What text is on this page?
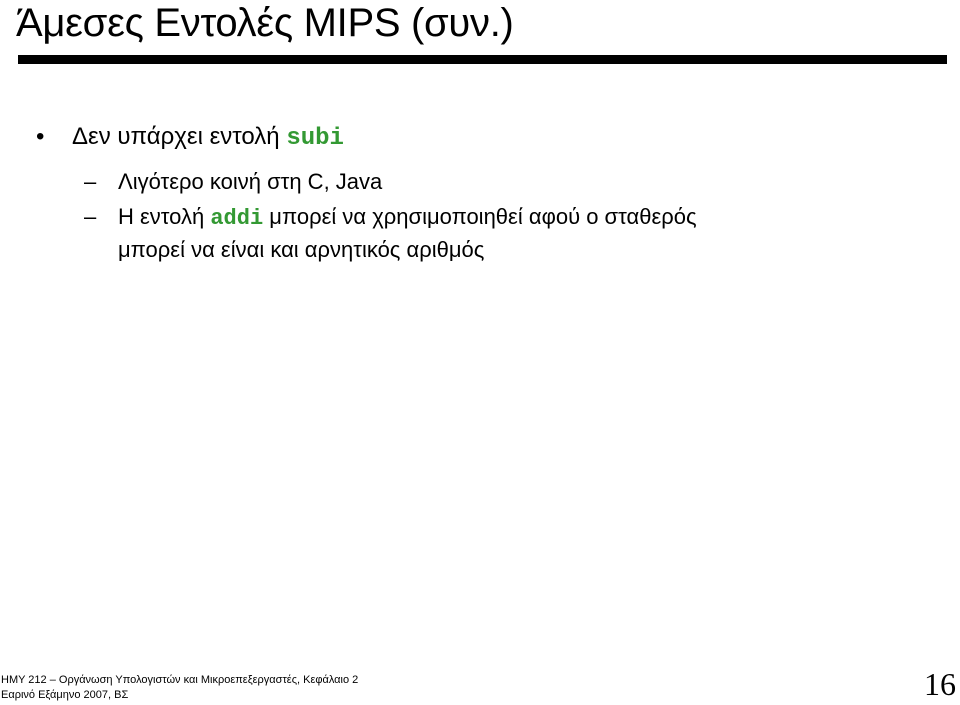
Άμεσες Εντολές MIPS (συν.)
• Δεν υπάρχει εντολή subi
– Λιγότερο κοινή στη C, Java
– Η εντολή addi μπορεί να χρησιμοποιηθεί αφού ο σταθερός
μπορεί να είναι και αρνητικός αριθμός
ΗΜΥ 212 – Οργάνωση Υπολογιστών και Μικροεπεξεργαστές, Κεφάλαιο 2
Εαρινό Εξάμηνο 2007, ΒΣ	16
